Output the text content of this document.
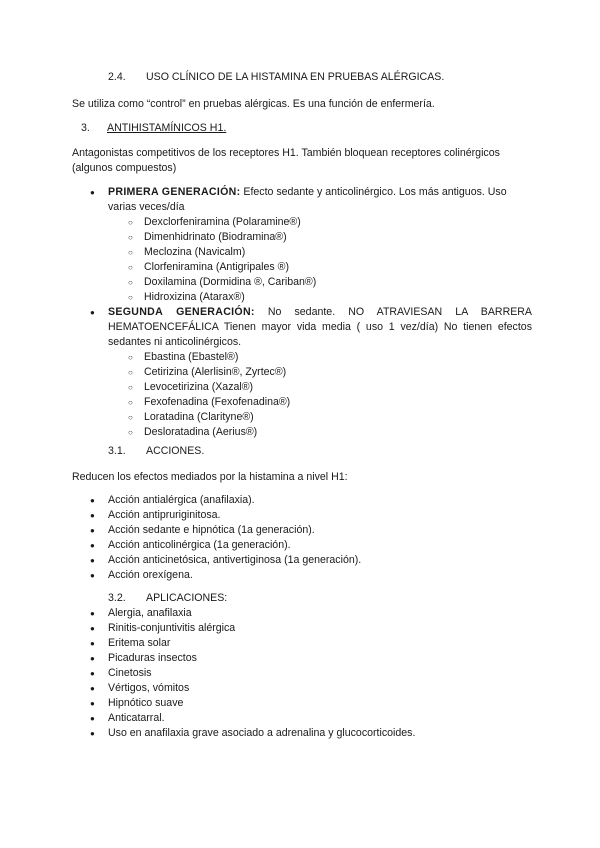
2.4. USO CLÍNICO DE LA HISTAMINA EN PRUEBAS ALÉRGICAS.
Se utiliza como “control” en pruebas alérgicas. Es una función de enfermería.
3. ANTIHISTAMÍNICOS H1.
Antagonistas competitivos de los receptores H1. También bloquean receptores colinérgicos (algunos compuestos)
● PRIMERA GENERACIÓN: Efecto sedante y anticolinérgico. Los más antiguos. Uso varias veces/día
○ Dexclorfeniramina (Polaramine®)
○ Dimenhidrinato (Biodramina®)
○ Meclozina (Navicalm)
○ Clorfeniramina (Antigripales ®)
○ Doxilamina (Dormidina ®, Cariban®)
○ Hidroxizina (Atarax®)
● SEGUNDA GENERACIÓN: No sedante. NO ATRAVIESAN LA BARRERA HEMATOENCEFÁLICA Tienen mayor vida media ( uso 1 vez/día) No tienen efectos sedantes ni anticolinérgicos.
○ Ebastina (Ebastel®)
○ Cetirizina (Alerlisin®, Zyrtec®)
○ Levocetirizina (Xazal®)
○ Fexofenadina (Fexofenadina®)
○ Loratadina (Clarityne®)
○ Desloratadina (Aerius®)
3.1. ACCIONES.
Reducen los efectos mediados por la histamina a nivel H1:
● Acción antialérgica (anafilaxia).
● Acción antipruriginitosa.
● Acción sedante e hipnótica (1a generación).
● Acción anticolinérgica (1a generación).
● Acción anticinetósica, antivertiginosa (1a generación).
● Acción orexígena.
3.2. APLICACIONES:
● Alergia, anafilaxia
● Rinitis-conjuntivitis alérgica
● Eritema solar
● Picaduras insectos
● Cinetosis
● Vértigos, vómitos
● Hipnótico suave
● Anticatarral.
● Uso en anafilaxia grave asociado a adrenalina y glucocorticoides.
